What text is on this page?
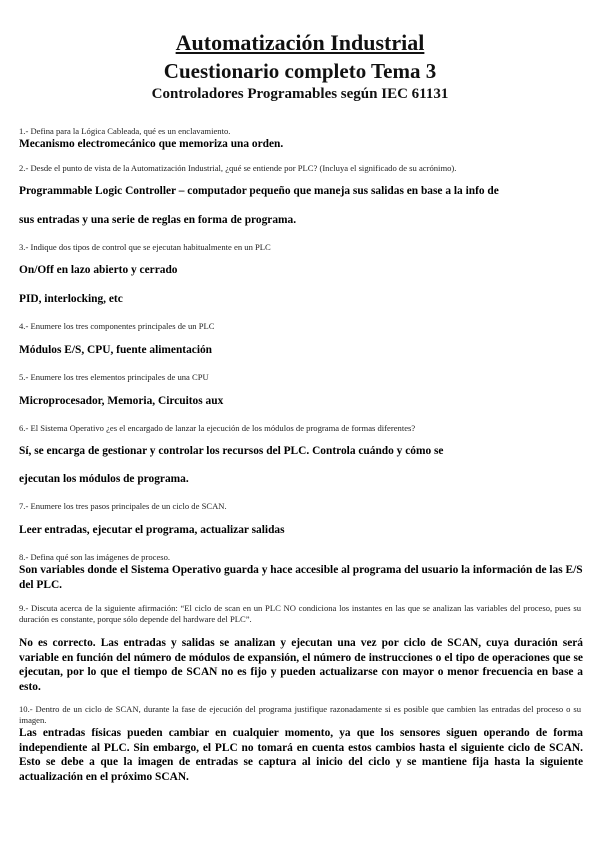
Automatización Industrial
Cuestionario completo Tema 3
Controladores Programables según IEC 61131
1.- Defina para la Lógica Cableada, qué es un enclavamiento.
Mecanismo electromecánico que memoriza una orden.
2.- Desde el punto de vista de la Automatización Industrial, ¿qué se entiende por PLC? (Incluya el significado de su acrónimo).
Programmable Logic Controller – computador pequeño que maneja sus salidas en base a la info de
sus entradas y una serie de reglas en forma de programa.
3.- Indique dos tipos de control que se ejecutan habitualmente en un PLC
On/Off en lazo abierto y cerrado
PID, interlocking, etc
4.- Enumere los tres componentes principales de un PLC
Módulos E/S, CPU, fuente alimentación
5.- Enumere los tres elementos principales de una CPU
Microprocesador, Memoria, Circuitos aux
6.- El Sistema Operativo ¿es el encargado de lanzar la ejecución de los módulos de programa de formas diferentes?
Sí, se encarga de gestionar y controlar los recursos del PLC. Controla cuándo y cómo se
ejecutan los módulos de programa.
7.- Enumere los tres pasos principales de un ciclo de SCAN.
Leer entradas, ejecutar el programa, actualizar salidas
8.- Defina qué son las imágenes de proceso.
Son variables donde el Sistema Operativo guarda y hace accesible al programa del usuario la información de las E/S del PLC.
9.- Discuta acerca de la siguiente afirmación: “El ciclo de scan en un PLC NO condiciona los instantes en las que se analizan las variables del proceso, pues su duración es constante, porque sólo depende del hardware del PLC”.
No es correcto. Las entradas y salidas se analizan y ejecutan una vez por ciclo de SCAN, cuya duración será variable en función del número de módulos de expansión, el número de instrucciones o el tipo de operaciones que se ejecutan, por lo que el tiempo de SCAN no es fijo y pueden actualizarse con mayor o menor frecuencia en base a esto.
10.- Dentro de un ciclo de SCAN, durante la fase de ejecución del programa justifique razonadamente si es posible que cambien las entradas del proceso o su imagen.
Las entradas físicas pueden cambiar en cualquier momento, ya que los sensores siguen operando de forma independiente al PLC. Sin embargo, el PLC no tomará en cuenta estos cambios hasta el siguiente ciclo de SCAN. Esto se debe a que la imagen de entradas se captura al inicio del ciclo y se mantiene fija hasta la siguiente actualización en el próximo SCAN.
